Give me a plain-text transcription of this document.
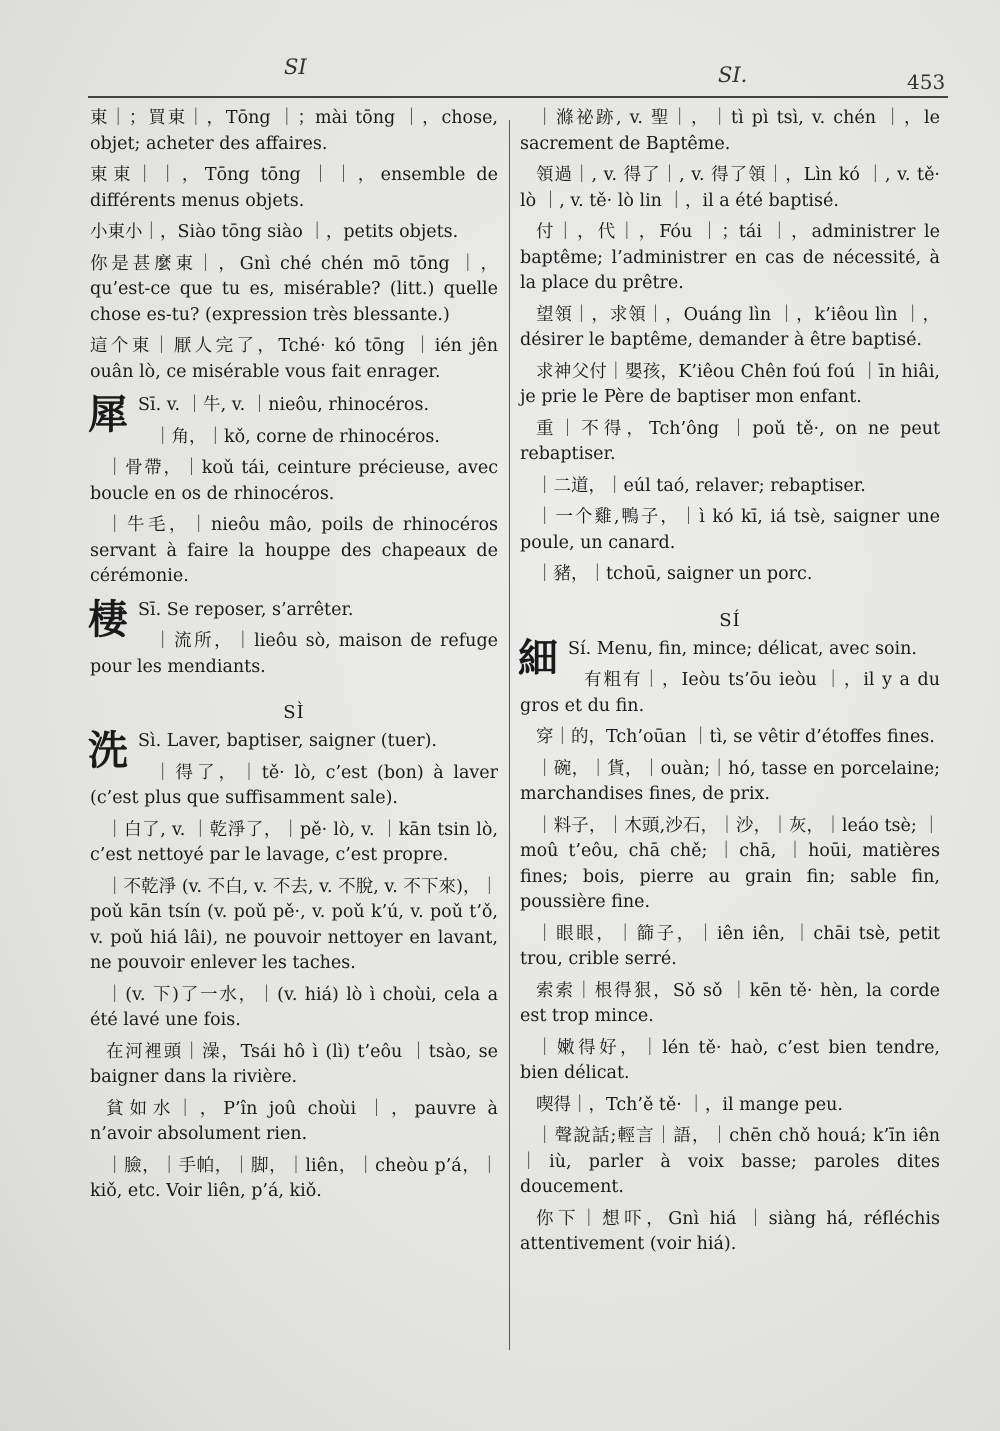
SI	SI.	453

東｜；買東｜，Tōng ｜；mài tōng ｜，chose, objet; acheter des affaires.

東東｜｜，Tōng tōng ｜｜，ensemble de différents menus objets.

小東小｜，Siào tōng siào ｜，petits objets.

你是甚麼東｜，Gnì ché chén mō tōng ｜，qu’est-ce que tu es, misérable? (litt.) quelle chose es-tu? (expression très blessante.)

這个東｜厭人完了，Tché· kó tōng ｜ién jên ouân lò, ce misérable vous fait enrager.

犀 Sī. v. ｜牛, v. ｜nieôu, rhinocéros.

｜角，｜kǒ, corne de rhinocéros.

｜骨帶，｜koǔ tái, ceinture précieuse, avec boucle en os de rhinocéros.

｜牛毛，｜nieôu mâo, poils de rhinocéros servant à faire la houppe des chapeaux de cérémonie.

棲 Sī. Se reposer, s’arrêter.

｜流所，｜lieôu sò, maison de refuge pour les mendiants.

SÌ
洗 Sì. Laver, baptiser, saigner (tuer).

｜得了，｜tě· lò, c’est (bon) à laver (c’est plus que suffisamment sale).

｜白了, v. ｜乾淨了，｜pě· lò, v. ｜kān tsin lò, c’est nettoyé par le lavage, c’est propre.

｜不乾淨 (v. 不白, v. 不去, v. 不脫, v. 不下來)，｜poǔ kān tsín (v. poǔ pě·, v. poǔ k’ú, v. poǔ t’ǒ, v. poǔ hiá lâi), ne pouvoir nettoyer en lavant, ne pouvoir enlever les taches.

｜(v. 下)了一水，｜(v. hiá) lò ì choùi, cela a été lavé une fois.

在河裡頭｜澡，Tsái hô ì (lì) t’eôu ｜tsào, se baigner dans la rivière.

貧如水｜，P’în joû choùi ｜，pauvre à n’avoir absolument rien.

｜臉，｜手帕，｜脚，｜liên，｜cheòu p’á，｜kiǒ, etc. Voir liên, p’á, kiǒ.

｜滌祕跡, v. 聖｜，｜tì pì tsì, v. chén ｜，le sacrement de Baptême.

領過｜, v. 得了｜, v. 得了領｜，Lìn kó ｜, v. tě· lò ｜, v. tě· lò lin ｜，il a été baptisé.

付｜，代｜，Fóu ｜；tái ｜，administrer le baptême; l’administrer en cas de nécessité, à la place du prêtre.

望領｜，求領｜，Ouáng lìn ｜，k’iêou lìn ｜，désirer le baptême, demander à être baptisé.

求神父付｜嬰孩，K’iêou Chên foú foú ｜īn hiâi, je prie le Père de baptiser mon enfant.

重｜不得，Tch’ông ｜poǔ tě·, on ne peut rebaptiser.

｜二道，｜eúl taó, relaver; rebaptiser.

｜一个雞,鴨子，｜ì kó kī, iá tsè, saigner une poule, un canard.

｜豬，｜tchoū, saigner un porc.

SÍ
細 Sí. Menu, fin, mince; délicat, avec soin.

有粗有｜，Ieòu ts’ōu ieòu ｜，il y a du gros et du fin.

穿｜的，Tch’oūan ｜tì, se vêtir d’étoffes fines.

｜碗，｜貨，｜ouàn;｜hó, tasse en porcelaine; marchandises fines, de prix.

｜料子，｜木頭,沙石，｜沙，｜灰，｜leáo tsè; ｜moû t’eôu, chā chě; ｜chā, ｜hoūi, matières fines; bois, pierre au grain fin; sable fin, poussière fine.

｜眼眼，｜篩子，｜iên iên, ｜chāi tsè, petit trou, crible serré.

索索｜根得狠，Sǒ sǒ ｜kēn tě· hèn, la corde est trop mince.

｜嫩得好，｜lén tě· haò, c’est bien tendre, bien délicat.

喫得｜，Tch’ě tě· ｜，il mange peu.

｜聲說話;輕言｜語，｜chēn chǒ houá; k’īn iên ｜iù, parler à voix basse; paroles dites doucement.

你下｜想吓，Gnì hiá ｜siàng há, réfléchis attentivement (voir hiá).
